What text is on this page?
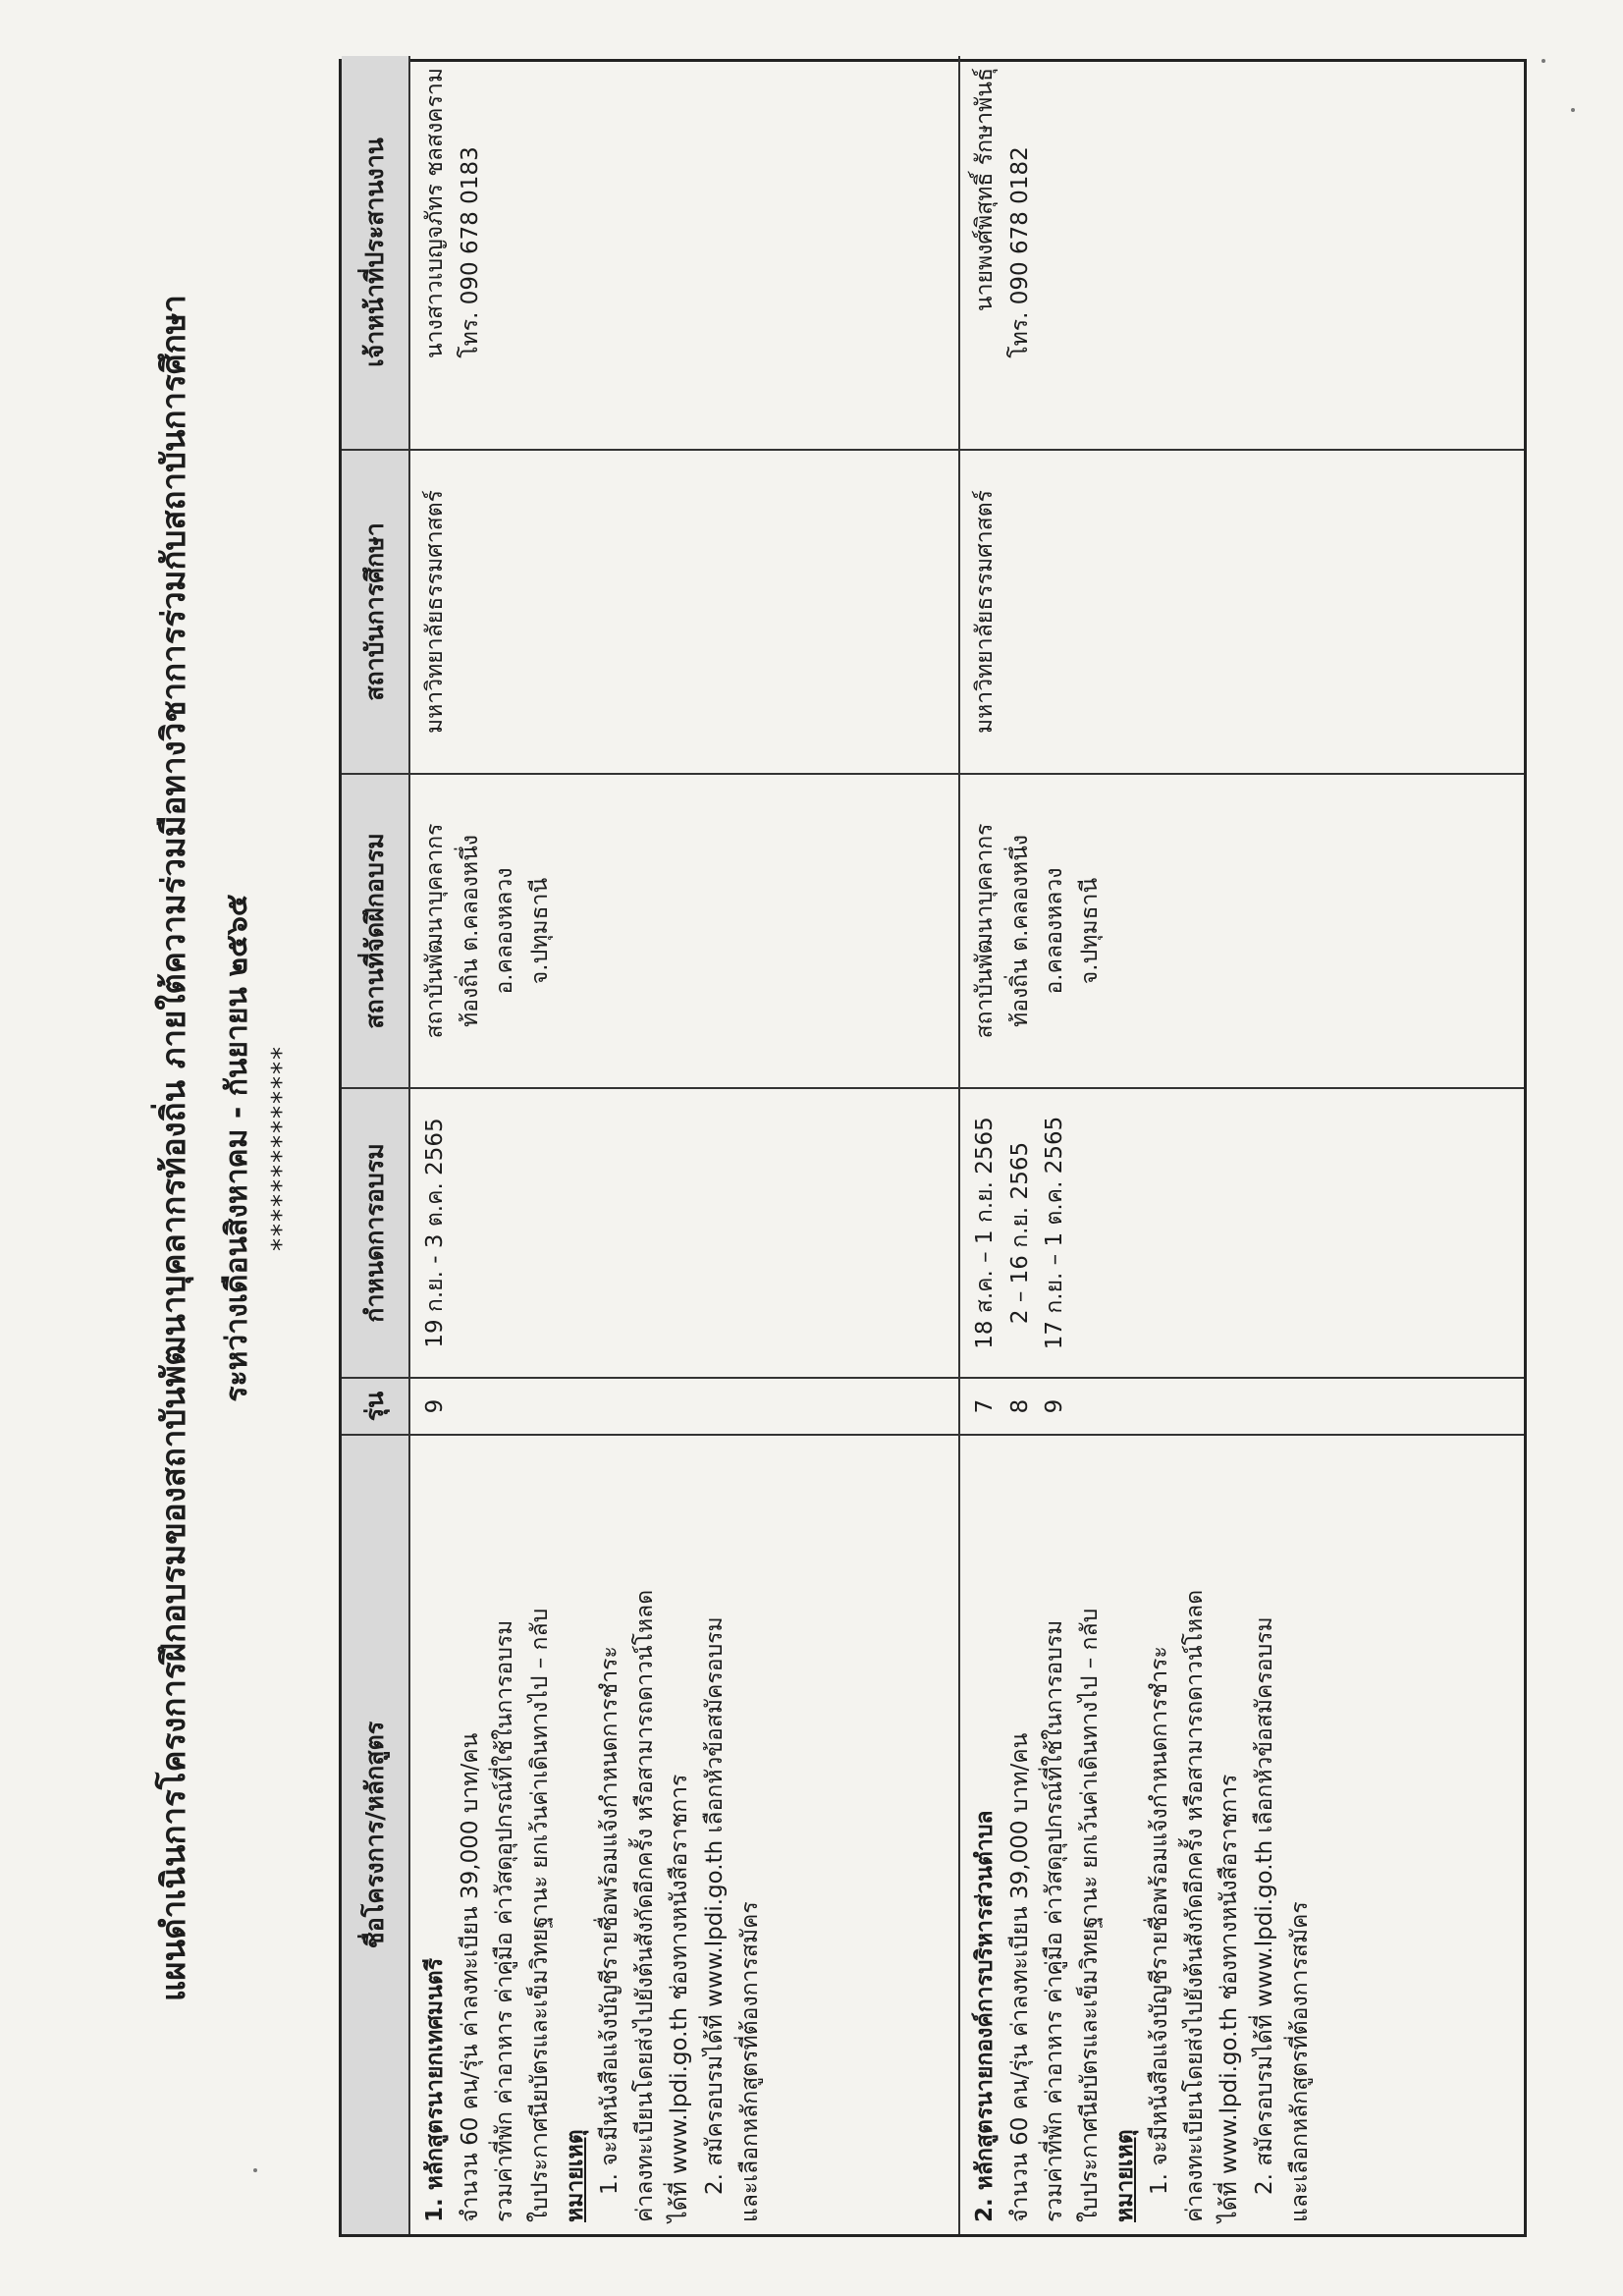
แผนดำเนินการโครงการฝึกอบรมของสถาบันพัฒนาบุคลากรท้องถิ่น ภายใต้ความร่วมมือทางวิชาการร่วมกับสถาบันการศึกษา ระหว่างเดือนสิงหาคม - กันยายน ๒๕๖๕ **************
ชื่อโครงการ/หลักสูตร
รุ่น
กำหนดการอบรม
สถานที่จัดฝึกอบรม
สถาบันการศึกษา
เจ้าหน้าที่ประสานงาน
1. หลักสูตรนายกเทศมนตรี จำนวน 60 คน/รุ่น ค่าลงทะเบียน 39,000 บาท/คน รวมค่าที่พัก ค่าอาหาร ค่าคู่มือ ค่าวัสดุอุปกรณ์ที่ใช้ในการอบรม ใบประกาศนียบัตรและเข็มวิทยฐานะ ยกเว้นค่าเดินทางไป – กลับ หมายเหตุ 1. จะมีหนังสือแจ้งบัญชีรายชื่อพร้อมแจ้งกำหนดการชำระ ค่าลงทะเบียนโดยส่งไปยังต้นสังกัดอีกครั้ง หรือสามารถดาวน์โหลด ได้ที่ www.lpdi.go.th ช่องทางหนังสือราชการ 2. สมัครอบรมได้ที่ www.lpdi.go.th เลือกหัวข้อสมัครอบรม และเลือกหลักสูตรที่ต้องการสมัคร
9
19 ก.ย. - 3 ต.ค. 2565
สถาบันพัฒนาบุคลากร ท้องถิ่น ต.คลองหนึ่ง อ.คลองหลวง จ.ปทุมธานี
มหาวิทยาลัยธรรมศาสตร์
นางสาวเบญจภัทร ชลสงคราม โทร. 090 678 0183
2. หลักสูตรนายกองค์การบริหารส่วนตำบล จำนวน 60 คน/รุ่น ค่าลงทะเบียน 39,000 บาท/คน รวมค่าที่พัก ค่าอาหาร ค่าคู่มือ ค่าวัสดุอุปกรณ์ที่ใช้ในการอบรม ใบประกาศนียบัตรและเข็มวิทยฐานะ ยกเว้นค่าเดินทางไป – กลับ หมายเหตุ 1. จะมีหนังสือแจ้งบัญชีรายชื่อพร้อมแจ้งกำหนดการชำระ ค่าลงทะเบียนโดยส่งไปยังต้นสังกัดอีกครั้ง หรือสามารถดาวน์โหลด ได้ที่ www.lpdi.go.th ช่องทางหนังสือราชการ 2. สมัครอบรมได้ที่ www.lpdi.go.th เลือกหัวข้อสมัครอบรม และเลือกหลักสูตรที่ต้องการสมัคร
7 8 9
18 ส.ค. – 1 ก.ย. 2565 2 – 16 ก.ย. 2565 17 ก.ย. – 1 ต.ค. 2565
สถาบันพัฒนาบุคลากร ท้องถิ่น ต.คลองหนึ่ง อ.คลองหลวง จ.ปทุมธานี
มหาวิทยาลัยธรรมศาสตร์
นายพงศ์พิสุทธิ์ รักษาพันธุ์ โทร. 090 678 0182
